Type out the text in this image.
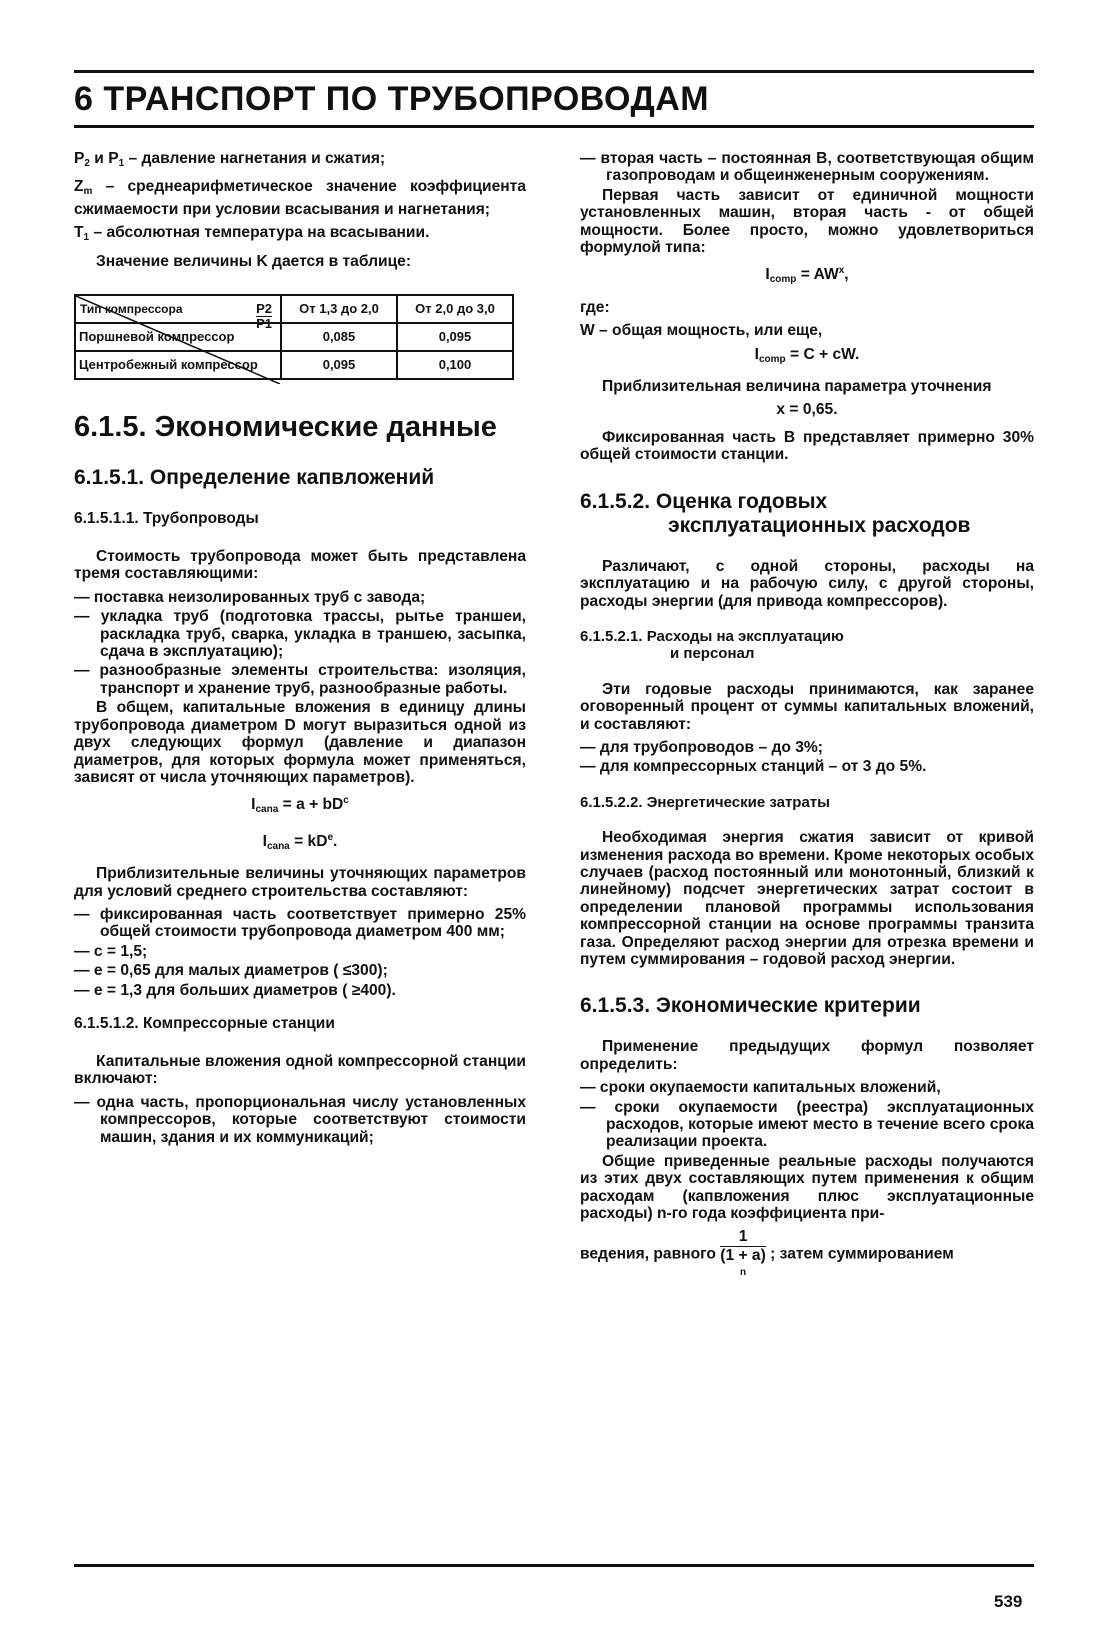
6 ТРАНСПОРТ ПО ТРУБОПРОВОДАМ

$P_2$ и $P_1$ – давление нагнетания и сжатия;

$Z_m$ – среднеарифметическое значение коэффициента сжимаемости при условии всасывания и нагнетания;

$T_1$ – абсолютная температура на всасывании.

Значение величины K дается в таблице:

P2
P1
Тип компрессора	От 1,3 до 2,0	От 2,0 до 3,0
Поршневой компрессор	0,085	0,095
Центробежный компрессор	0,095	0,100
6.1.5. Экономические данные
6.1.5.1. Определение капвложений
6.1.5.1.1. Трубопроводы

Стоимость трубопровода может быть представлена тремя составляющими:

— поставка неизолированных труб с завода;

— укладка труб (подготовка трассы, рытье траншеи, раскладка труб, сварка, укладка в траншею, засыпка, сдача в эксплуатацию);

— разнообразные элементы строительства: изоляция, транспорт и хранение труб, разнообразные работы.

В общем, капитальные вложения в единицу длины трубопровода диаметром D могут выразиться одной из двух следующих формул (давление и диапазон диаметров, для которых формула может применяться, зависят от числа уточняющих параметров).

$I_{cana} = a + bD^c$
$I_{cana} = kD^e$.

Приблизительные величины уточняющих параметров для условий среднего строительства составляют:

— фиксированная часть соответствует примерно 25% общей стоимости трубопровода диаметром 400 мм;

— c = 1,5;

— e = 0,65 для малых диаметров ( ≤300);

— e = 1,3 для больших диаметров ( ≥400).

6.1.5.1.2. Компрессорные станции

Капитальные вложения одной компрессорной станции включают:

— одна часть, пропорциональная числу установленных компрессоров, которые соответствуют стоимости машин, здания и их коммуникаций;

— вторая часть – постоянная B, соответствующая общим газопроводам и общеинженерным сооружениям.

Первая часть зависит от единичной мощности установленных машин, вторая часть - от общей мощности. Более просто, можно удовлетвориться формулой типа:

$I_{comp} = AW^x$,

где:

W – общая мощность, или еще,

$I_{comp} = C$ + cW.

Приблизительная величина параметра уточнения

x = 0,65.

Фиксированная часть B представляет примерно 30% общей стоимости станции.

6.1.5.2. Оценка годовых
эксплуатационных расходов

Различают, с одной стороны, расходы на эксплуатацию и на рабочую силу, с другой стороны, расходы энергии (для привода компрессоров).

6.1.5.2.1. Расходы на эксплуатацию
и персонал

Эти годовые расходы принимаются, как заранее оговоренный процент от суммы капитальных вложений, и составляют:

— для трубопроводов – до 3%;

— для компрессорных станций – от 3 до 5%.

6.1.5.2.2. Энергетические затраты

Необходимая энергия сжатия зависит от кривой изменения расхода во времени. Кроме некоторых особых случаев (расход постоянный или монотонный, близкий к линейному) подсчет энергетических затрат состоит в определении плановой программы использования компрессорной станции на основе программы транзита газа. Определяют расход энергии для отрезка времени и путем суммирования – годовой расход энергии.

6.1.5.3. Экономические критерии

Применение предыдущих формул позволяет определить:

— сроки окупаемости капитальных вложений,

— сроки окупаемости (реестра) эксплуатационных расходов, которые имеют место в течение всего срока реализации проекта.

Общие приведенные реальные расходы получаются из этих двух составляющих путем применения к общим расходам (капвложения плюс эксплуатационные расходы) n-го года коэффициента при-

ведения, равного 1
(1 + a)
n ; затем суммированием

539
